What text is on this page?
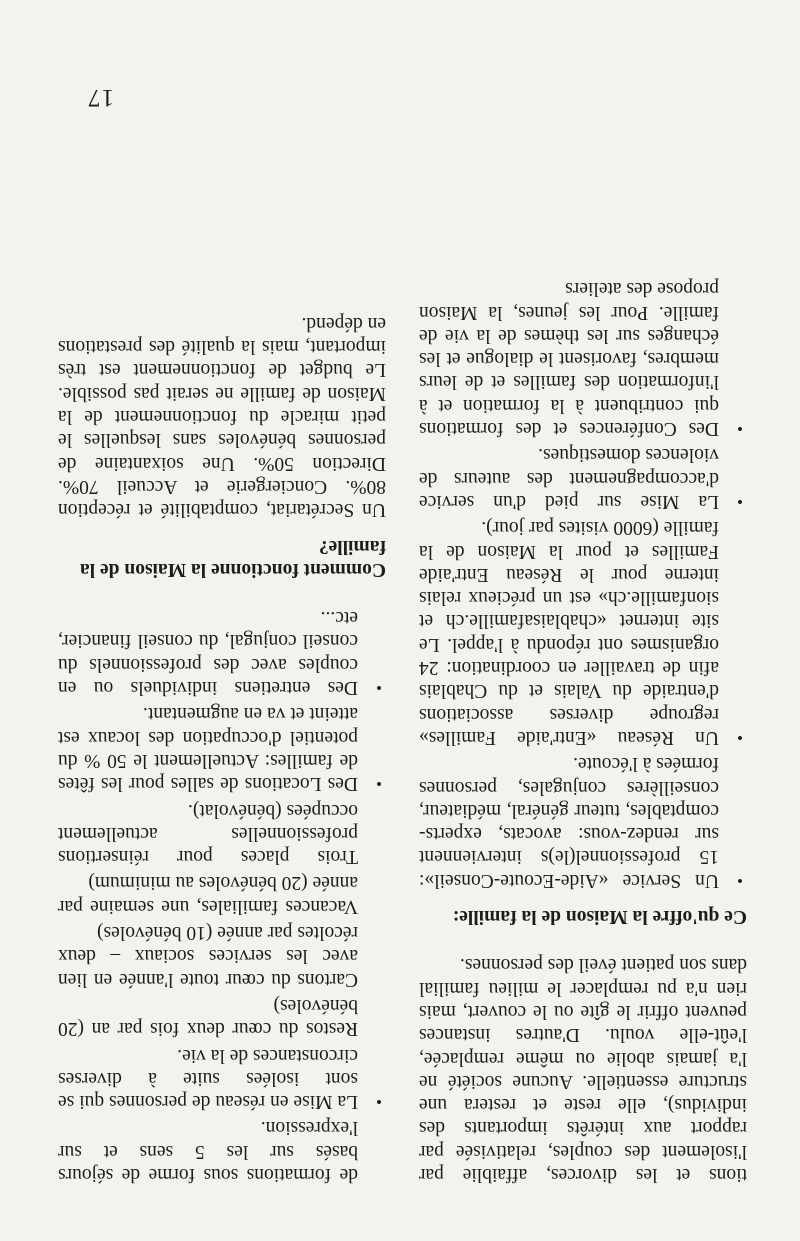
tions et les divorces, affaiblie par l'isolement des couples, relativisée par rapport aux intérêts importants des individus), elle reste et restera une structure essentielle. Aucune société ne l'a jamais abolie ou même remplacée, l'eût-elle voulu. D'autres instances peuvent offrir le gîte ou le couvert, mais rien n'a pu remplacer le milieu familial dans son patient éveil des personnes.

Ce qu'offre la Maison de la famille:

•
Un Service «Aide-Ecoute-Conseil»: 15 professionnel(le)s interviennent sur rendez-vous: avocats, experts-comptables, tuteur général, médiateur, conseillères conjugales, personnes formées à l'écoute.
•
Un Réseau «Entr'aide Familles» regroupe diverses associations d'entraide du Valais et du Chablais afin de travailler en coordination: 24 organismes ont répondu à l'appel. Le site internet «chablaisafamille.ch et sionfamille.ch» est un précieux relais interne pour le Réseau Entr'aide Familles et pour la Maison de la famille (6000 visites par jour).
•
La Mise sur pied d'un service d'accompagnement des auteurs de violences domestiques.
•
Des Conférences et des formations qui contribuent à la formation et à l'information des familles et de leurs membres, favorisent le dialogue et les échanges sur les thèmes de la vie de famille. Pour les jeunes, la Maison propose des ateliers

de formations sous forme de séjours basés sur les 5 sens et sur l'expression.

•
La Mise en réseau de personnes qui se sont isolées suite à diverses circonstances de la vie.

Restos du cœur deux fois par an (20 bénévoles)

Cartons du cœur toute l'année en lien avec les services sociaux – deux récoltes par année (10 bénévoles)

Vacances familiales, une semaine par année (20 bénévoles au minimum)

Trois places pour réinsertions professionnelles actuellement occupées (bénévolat).

•
Des Locations de salles pour les fêtes de familles: Actuellement le 50 % du potentiel d'occupation des locaux est atteint et va en augmentant.
•
Des entretiens individuels ou en couples avec des professionnels du conseil conjugal, du conseil financier, etc...

Comment fonctionne la Maison de la famille?

Un Secrétariat, comptabilité et réception 80%. Conciergerie et Accueil 70%. Direction 50%. Une soixantaine de personnes bénévoles sans lesquelles le petit miracle du fonctionnement de la Maison de famille ne serait pas possible. Le budget de fonctionnement est très important, mais la qualité des prestations en dépend.

17
